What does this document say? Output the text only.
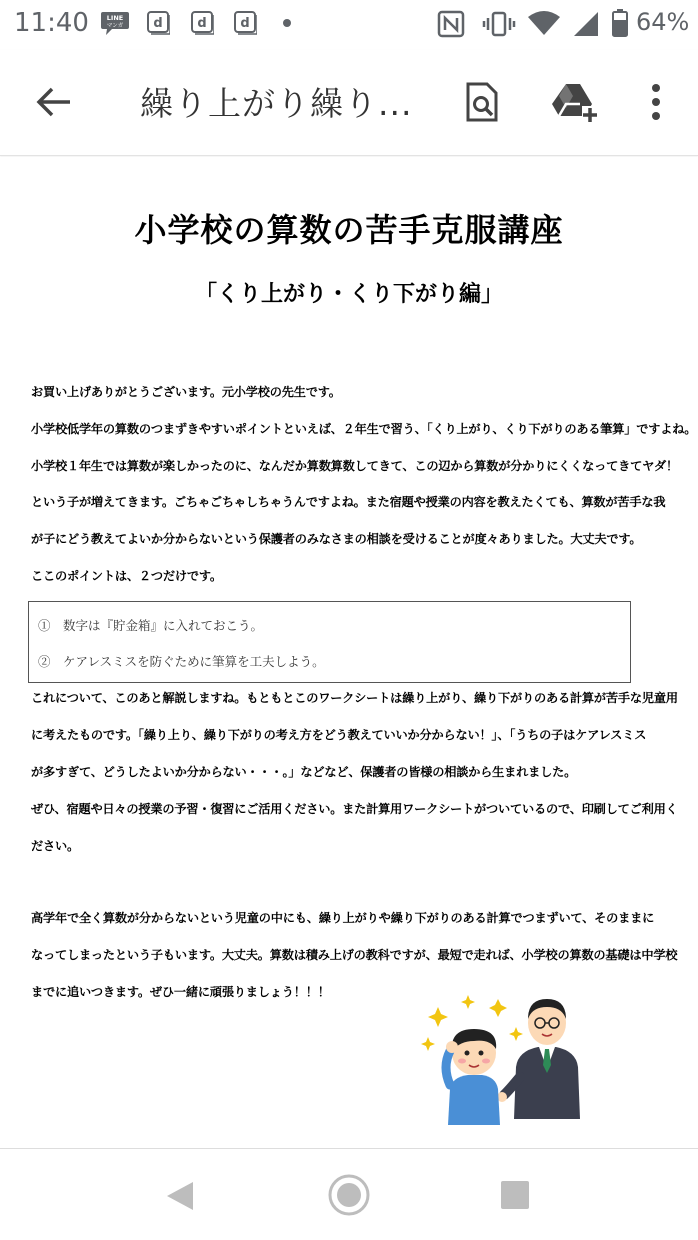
11:40	LINE
マンガ d	d	d	64%
繰り上がり繰り...
小学校の算数の苦手克服講座
「くり上がり・くり下がり編」
お買い上げありがとうございます。元小学校の先生です。
小学校低学年の算数のつまずきやすいポイントといえば、２年生で習う、「くり上がり、くり下がりのある筆算」ですよね。
小学校１年生では算数が楽しかったのに、なんだか算数算数してきて、この辺から算数が分かりにくくなってきてヤダ！
という子が増えてきます。ごちゃごちゃしちゃうんですよね。また宿題や授業の内容を教えたくても、算数が苦手な我
が子にどう教えてよいか分からないという保護者のみなさまの相談を受けることが度々ありました。大丈夫です。
ここのポイントは、２つだけです。
①　数字は『貯金箱』に入れておこう。
②　ケアレスミスを防ぐために筆算を工夫しよう。
これについて、このあと解説しますね。もともとこのワークシートは繰り上がり、繰り下がりのある計算が苦手な児童用
に考えたものです。「繰り上り、繰り下がりの考え方をどう教えていいか分からない！」、「うちの子はケアレスミス
が多すぎて、どうしたよいか分からない・・・。」などなど、保護者の皆様の相談から生まれました。
ぜひ、宿題や日々の授業の予習・復習にご活用ください。また計算用ワークシートがついているので、印刷してご利用く
ださい。
高学年で全く算数が分からないという児童の中にも、繰り上がりや繰り下がりのある計算でつまずいて、そのままに
なってしまったという子もいます。大丈夫。算数は積み上げの教科ですが、最短で走れば、小学校の算数の基礎は中学校
までに追いつきます。ぜひ一緒に頑張りましょう！！！
